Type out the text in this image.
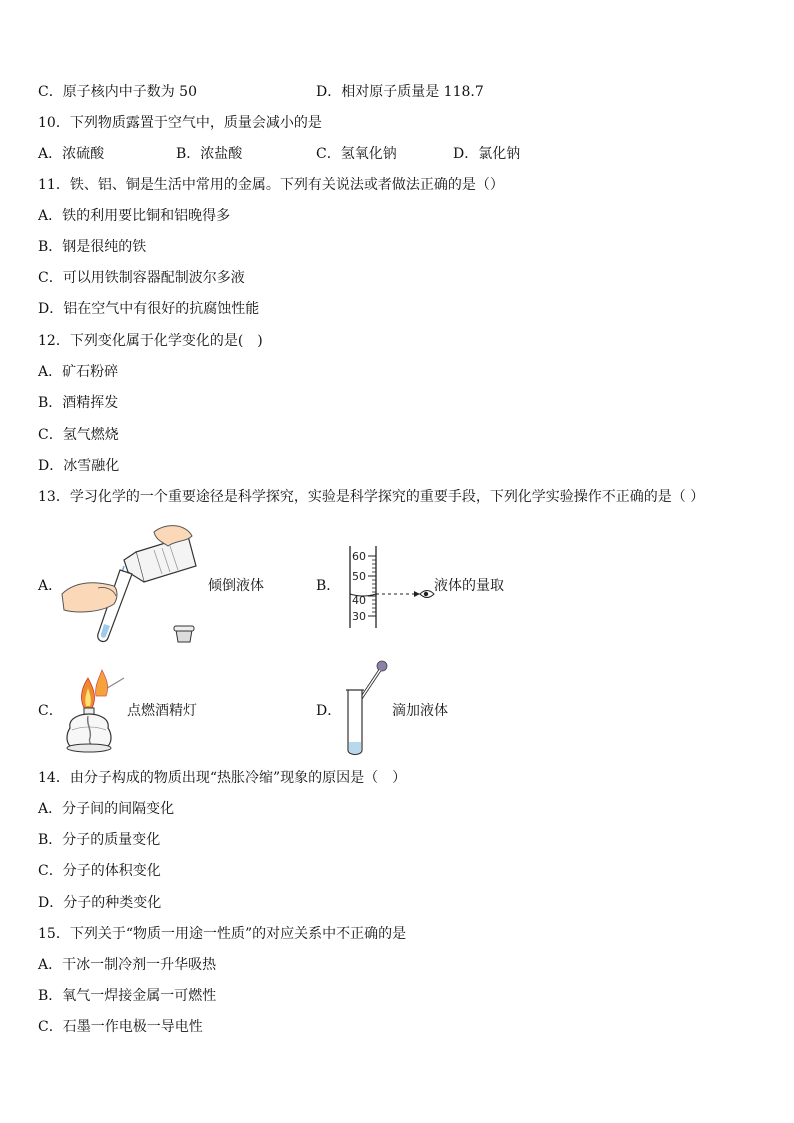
C．原子核内中子数为 50	D．相对原子质量是 118.7
10．下列物质露置于空气中，质量会减小的是
A．浓硫酸	B．浓盐酸	C．氢氧化钠	D．氯化钠
11．铁、铝、铜是生活中常用的金属。下列有关说法或者做法正确的是（）
A．铁的利用要比铜和铝晚得多
B．钢是很纯的铁
C．可以用铁制容器配制波尔多液
D．铝在空气中有很好的抗腐蚀性能
12．下列变化属于化学变化的是(　)
A．矿石粉碎
B．酒精挥发
C．氢气燃烧
D．冰雪融化
13．学习化学的一个重要途径是科学探究，实验是科学探究的重要手段，下列化学实验操作不正确的是（ ）
A．	倾倒液体	B．
60
50
40
30
液体的量取
C．	点燃酒精灯	D．	滴加液体
14．由分子构成的物质出现“热胀冷缩”现象的原因是（　）
A．分子间的间隔变化
B．分子的质量变化
C．分子的体积变化
D．分子的种类变化
15．下列关于“物质一用途一性质”的对应关系中不正确的是
A．干冰一制冷剂一升华吸热
B．氧气一焊接金属一可燃性
C．石墨一作电极一导电性
